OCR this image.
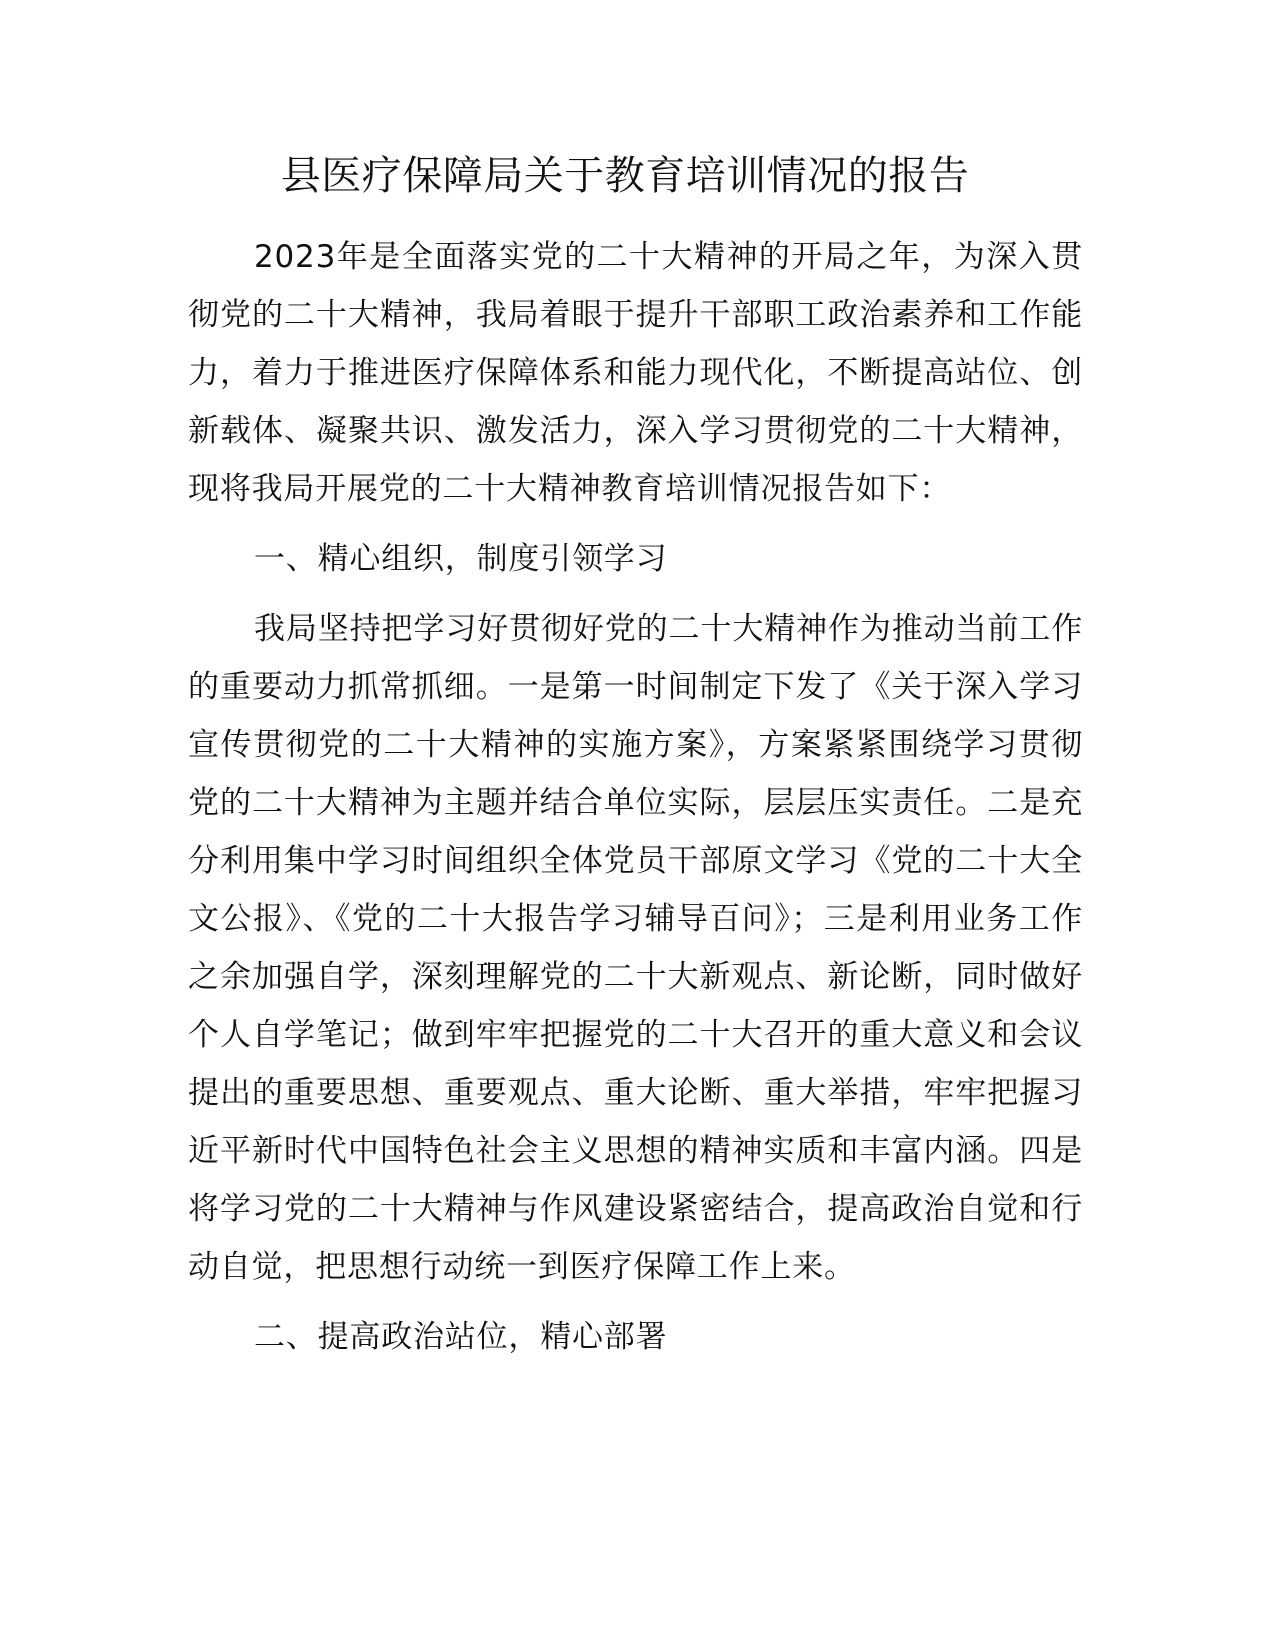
县医疗保障局关于教育培训情况的报告

2023年是全面落实党的二十大精神的开局之年，为深入贯彻党的二十大精神，我局着眼于提升干部职工政治素养和工作能力，着力于推进医疗保障体系和能力现代化，不断提高站位、创新载体、凝聚共识、激发活力，深入学习贯彻党的二十大精神，现将我局开展党的二十大精神教育培训情况报告如下：

一、精心组织，制度引领学习

我局坚持把学习好贯彻好党的二十大精神作为推动当前工作的重要动力抓常抓细。一是第一时间制定下发了《关于深入学习宣传贯彻党的二十大精神的实施方案》，方案紧紧围绕学习贯彻党的二十大精神为主题并结合单位实际，层层压实责任。二是充分利用集中学习时间组织全体党员干部原文学习《党的二十大全文公报》、《党的二十大报告学习辅导百问》；三是利用业务工作之余加强自学，深刻理解党的二十大新观点、新论断，同时做好个人自学笔记；做到牢牢把握党的二十大召开的重大意义和会议提出的重要思想、重要观点、重大论断、重大举措，牢牢把握习近平新时代中国特色社会主义思想的精神实质和丰富内涵。四是将学习党的二十大精神与作风建设紧密结合，提高政治自觉和行动自觉，把思想行动统一到医疗保障工作上来。

二、提高政治站位，精心部署
